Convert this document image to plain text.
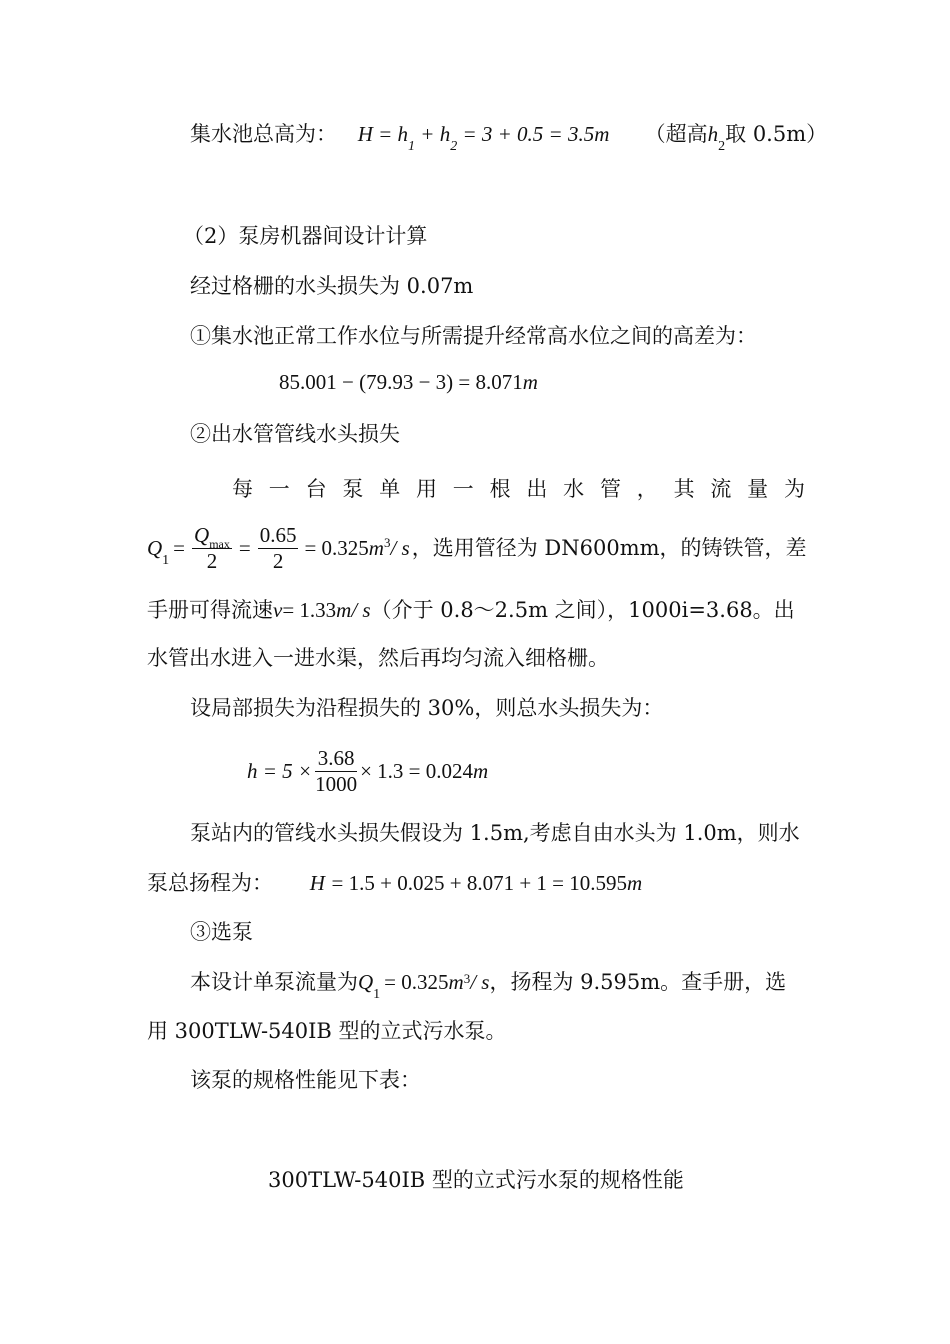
集水池总高为： $H = h_1 + h_2 = 3 + 0.5 = 3.5m$ （超高$h_2$取 0.5m）
（2）泵房机器间设计计算
经过格栅的水头损失为 0.07m
①集水池正常工作水位与所需提升经常高水位之间的高差为：
85.001 − (79.93 − 3) = 8.071m
②出水管管线水头损失
每 一 台 泵 单 用 一 根 出 水 管 ， 其 流 量 为
$Q_1$
= $\frac{Q_{max}}{2} = \frac{0.65}{2} = 0.325$ m 3 / s ，选用管径为 DN600mm，的铸铁管，差
手册可得流速v= 1.33m/ s（介于 0.8～2.5m 之间），1000i=3.68。出
水管出水进入一进水渠，然后再均匀流入细格栅。
设局部损失为沿程损失的 30%，则总水头损失为：
$h = 5 \times \frac{3.68}{1000} \times 1.3 = 0.024$ m
泵站内的管线水头损失假设为 1.5m,考虑自由水头为 1.0m，则水
泵总扬程为： H = 1.5 + 0.025 + 8.071 + 1 = 10.595m
③选泵
本设计单泵流量为$Q_1= 0.325m^3/$ s，扬程为 9.595m。查手册，选
用 300TLW-540IB 型的立式污水泵。
该泵的规格性能见下表：
300TLW-540IB 型的立式污水泵的规格性能
